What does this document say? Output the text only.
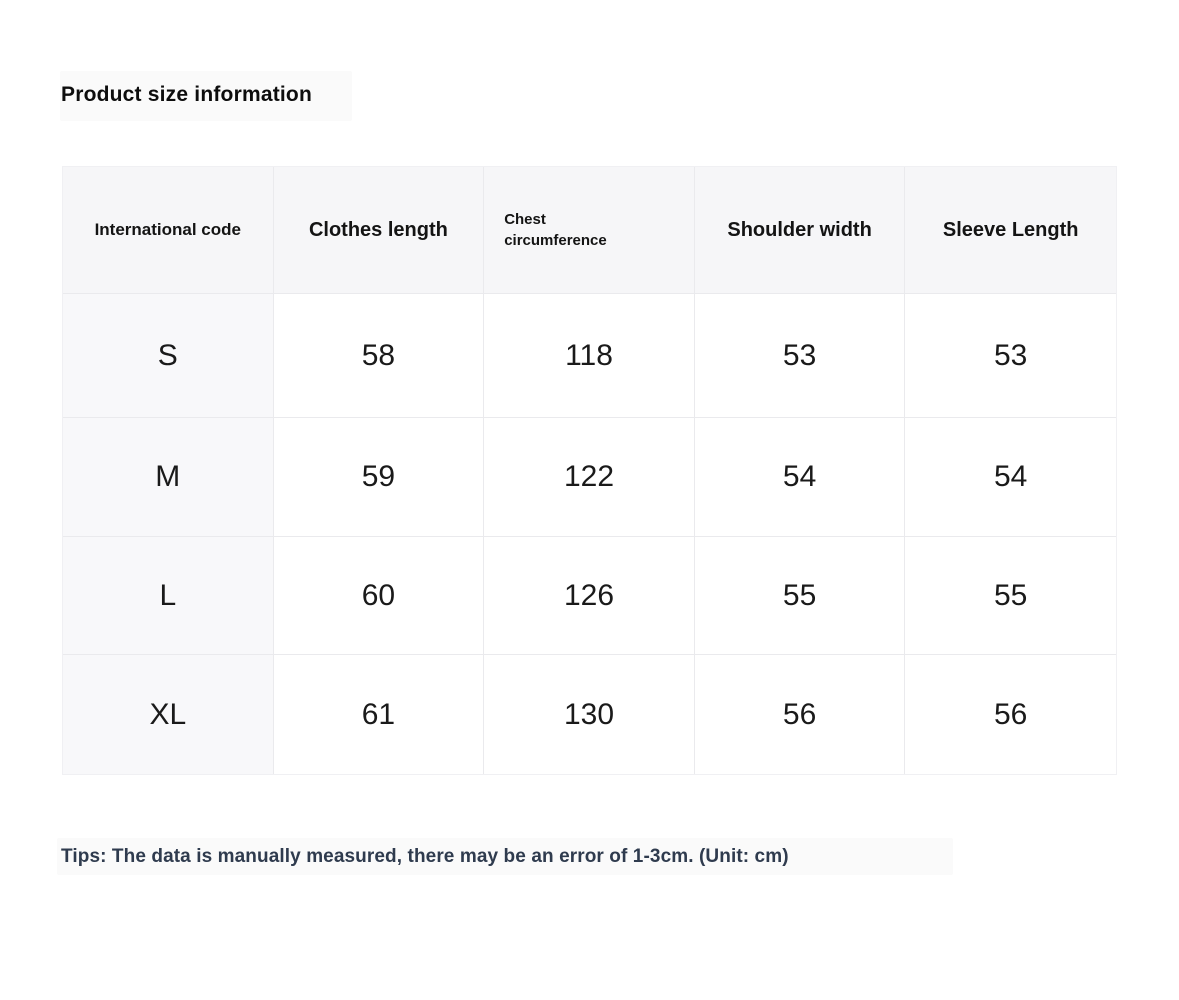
Product size information
International code	Clothes length	Chest circumference	Shoulder width	Sleeve Length
S	58	118	53	53
M	59	122	54	54
L	60	126	55	55
XL	61	130	56	56
Tips: The data is manually measured, there may be an error of 1-3cm. (Unit: cm)
